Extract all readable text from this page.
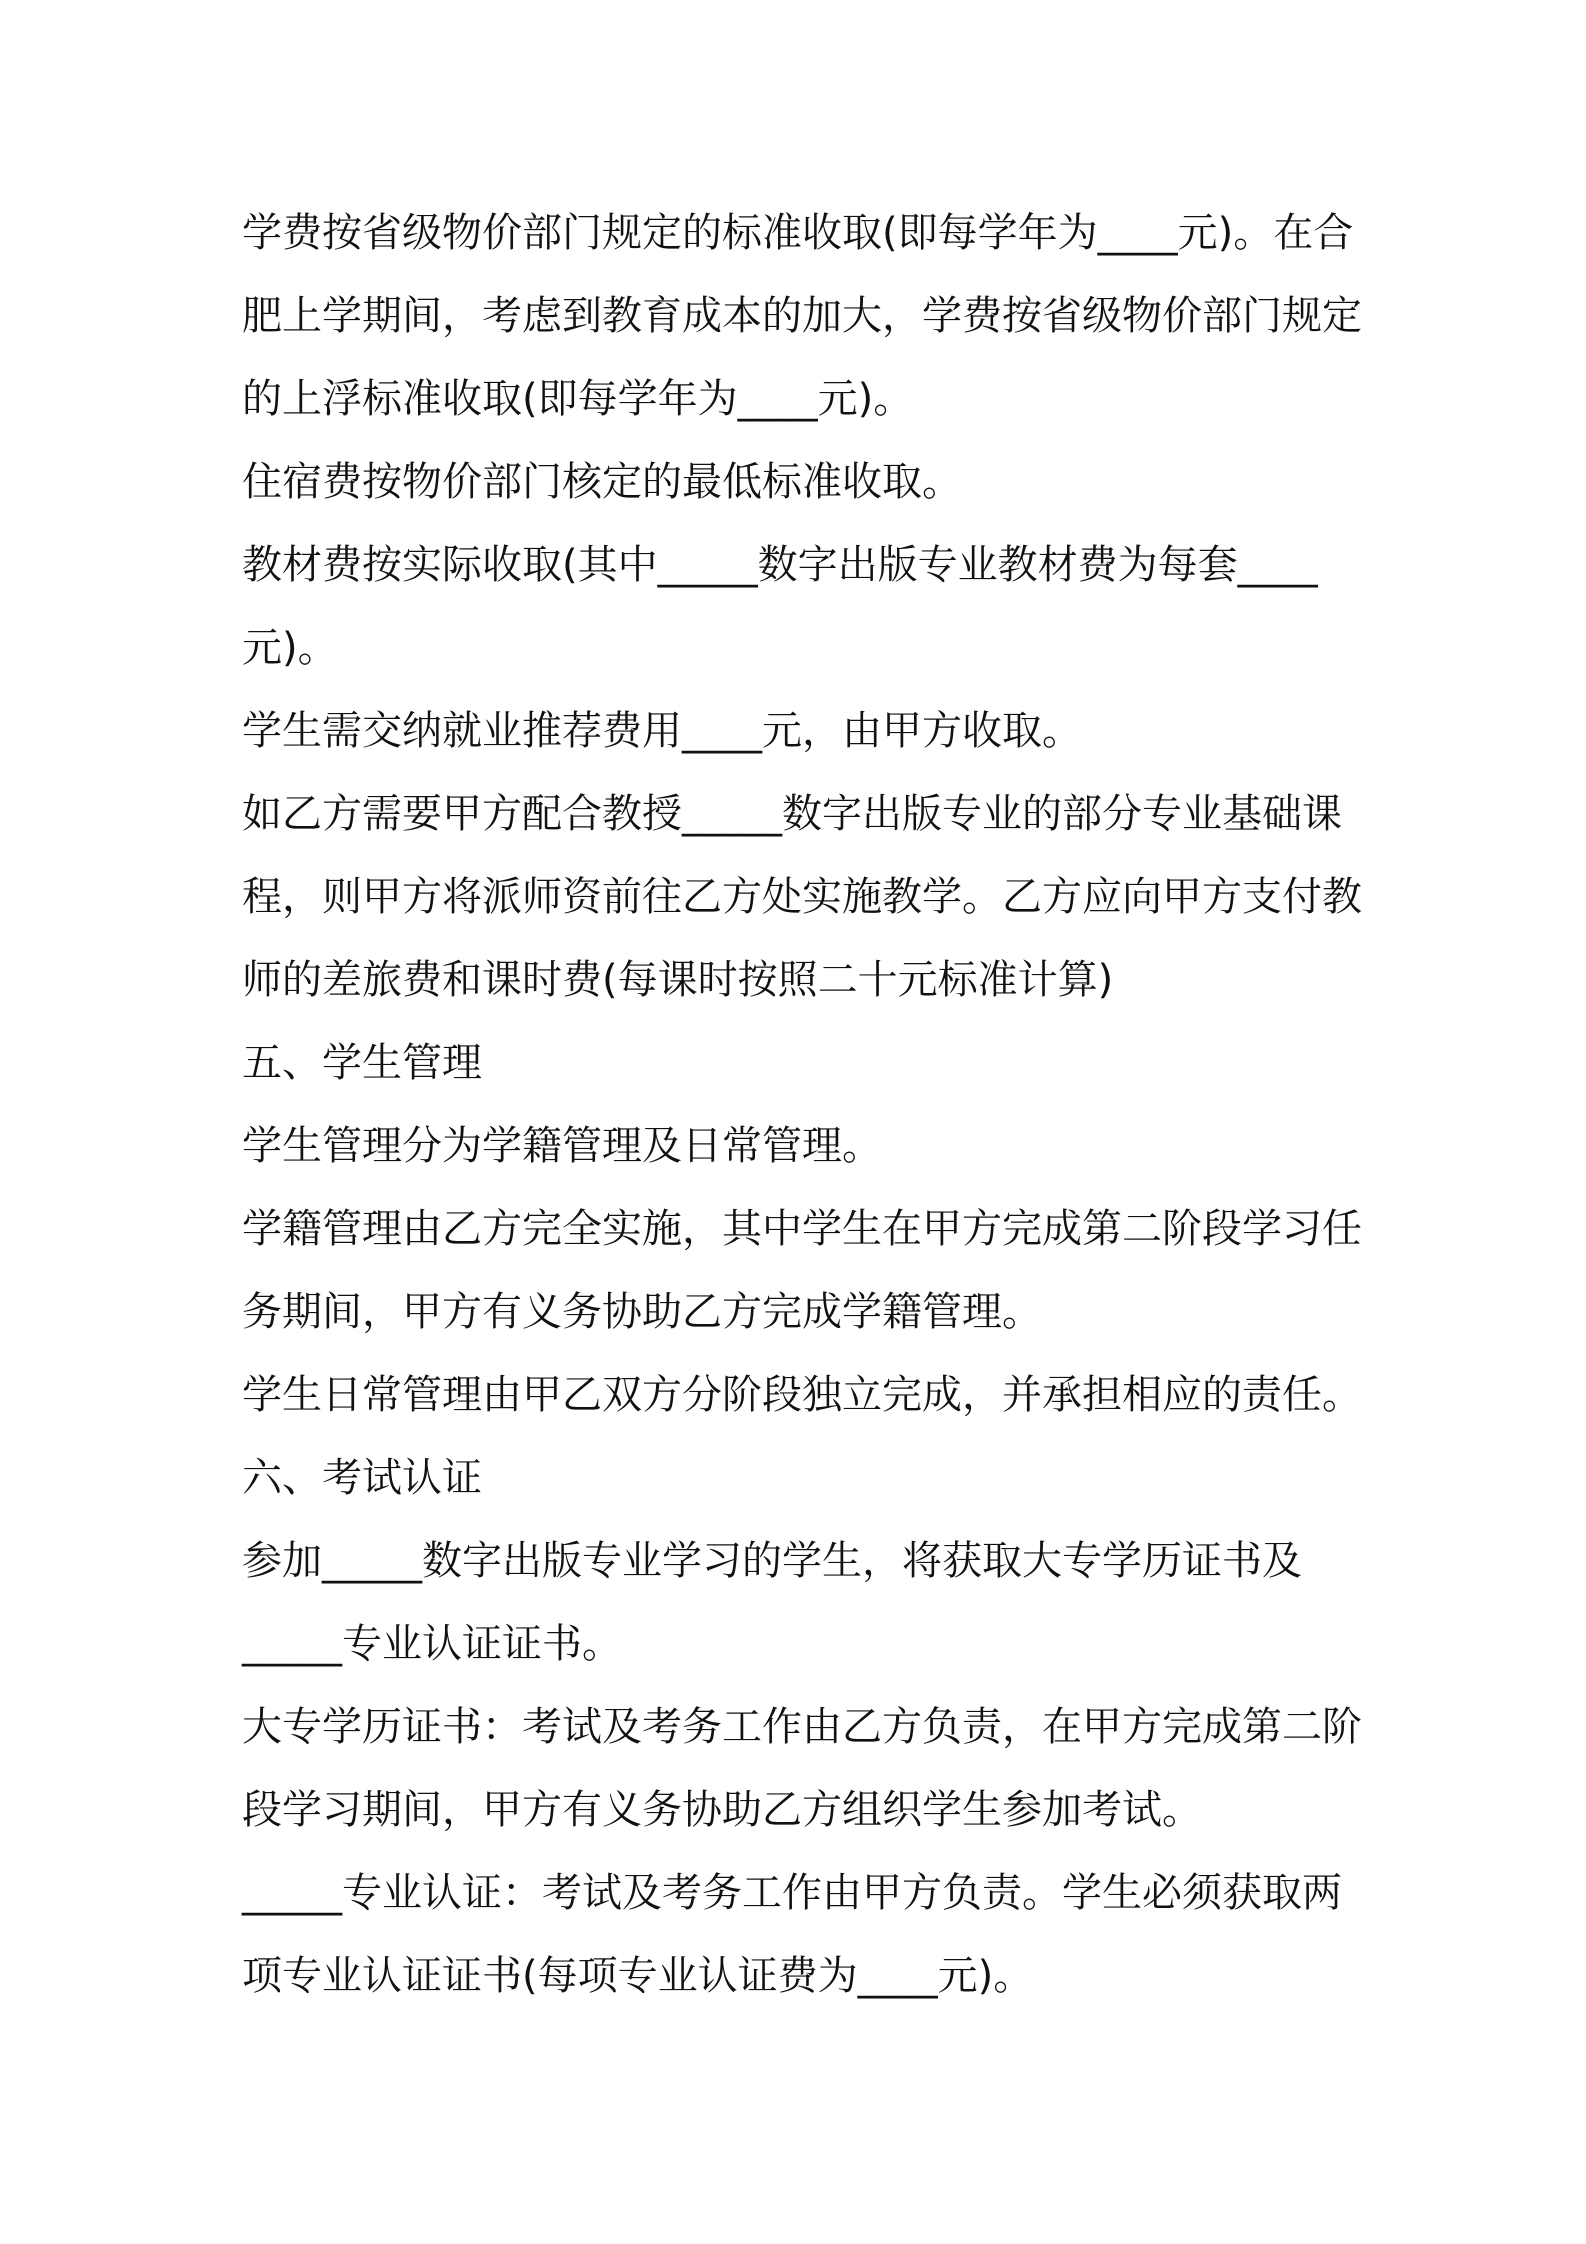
学费按省级物价部门规定的标准收取(即每学年为____元)。在合肥上学期间，考虑到教育成本的加大，学费按省级物价部门规定的上浮标准收取(即每学年为____元)。

住宿费按物价部门核定的最低标准收取。

教材费按实际收取(其中_____数字出版专业教材费为每套____元)。

学生需交纳就业推荐费用____元，由甲方收取。

如乙方需要甲方配合教授_____数字出版专业的部分专业基础课程，则甲方将派师资前往乙方处实施教学。乙方应向甲方支付教师的差旅费和课时费(每课时按照二十元标准计算)

五、学生管理

学生管理分为学籍管理及日常管理。

学籍管理由乙方完全实施，其中学生在甲方完成第二阶段学习任务期间，甲方有义务协助乙方完成学籍管理。

学生日常管理由甲乙双方分阶段独立完成，并承担相应的责任。

六、考试认证

参加_____数字出版专业学习的学生，将获取大专学历证书及_____专业认证证书。

大专学历证书：考试及考务工作由乙方负责，在甲方完成第二阶段学习期间，甲方有义务协助乙方组织学生参加考试。

_____专业认证：考试及考务工作由甲方负责。学生必须获取两项专业认证证书(每项专业认证费为____元)。
